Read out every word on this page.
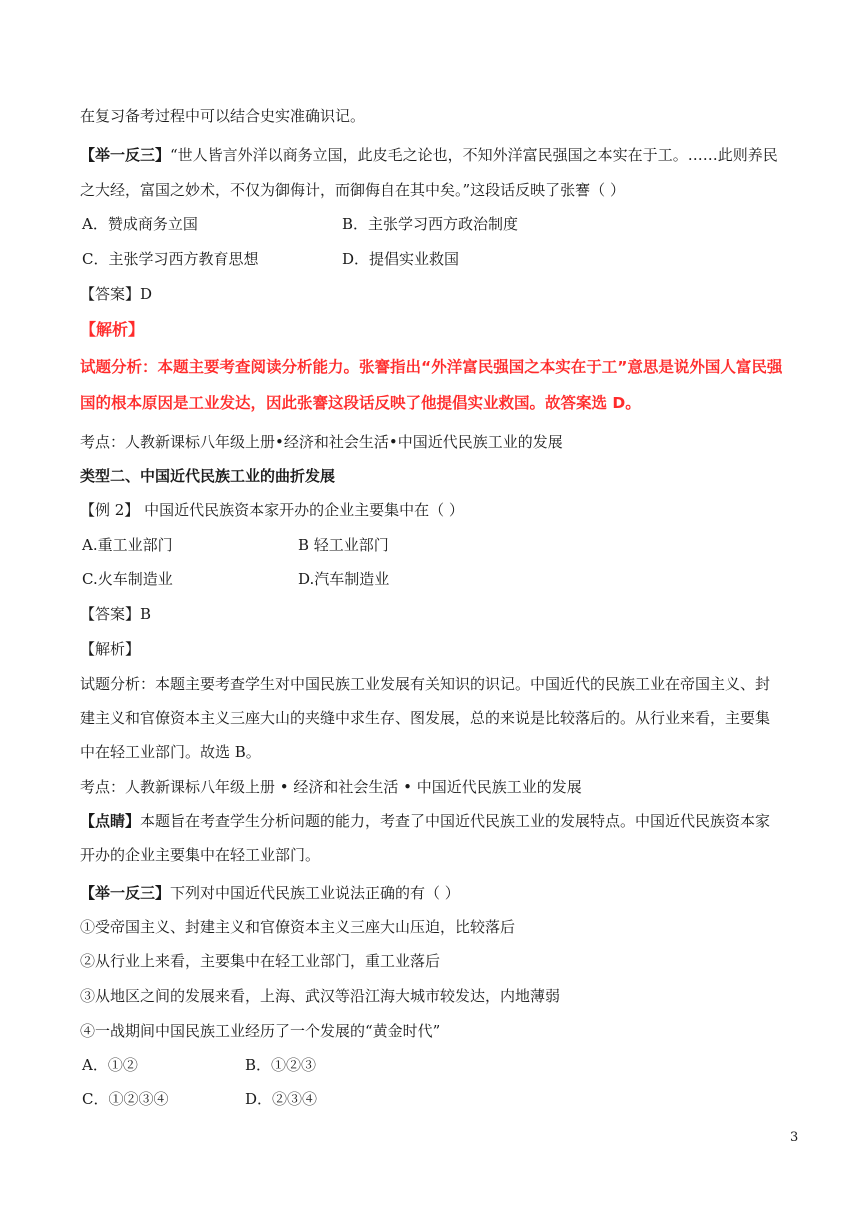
在复习备考过程中可以结合史实准确识记。
【举一反三】“世人皆言外洋以商务立国，此皮毛之论也，不知外洋富民强国之本实在于工。……此则养民
之大经，富国之妙术，不仅为御侮计，而御侮自在其中矣。”这段话反映了张謇（ ）
A．赞成商务立国	B．主张学习西方政治制度
C．主张学习西方教育思想	D．提倡实业救国
【答案】D
【解析】
试题分析：本题主要考查阅读分析能力。张謇指出“外洋富民强国之本实在于工”意思是说外国人富民强
国的根本原因是工业发达，因此张謇这段话反映了他提倡实业救国。故答案选 D。
考点：人教新课标八年级上册•经济和社会生活•中国近代民族工业的发展
类型二、中国近代民族工业的曲折发展
【例 2】 中国近代民族资本家开办的企业主要集中在（ ）
A.重工业部门	B 轻工业部门
C.火车制造业	D.汽车制造业
【答案】B
【解析】
试题分析：本题主要考查学生对中国民族工业发展有关知识的识记。中国近代的民族工业在帝国主义、封
建主义和官僚资本主义三座大山的夹缝中求生存、图发展，总的来说是比较落后的。从行业来看，主要集
中在轻工业部门。故选 B。
考点：人教新课标八年级上册 • 经济和社会生活 • 中国近代民族工业的发展
【点睛】本题旨在考查学生分析问题的能力，考查了中国近代民族工业的发展特点。中国近代民族资本家
开办的企业主要集中在轻工业部门。
【举一反三】下列对中国近代民族工业说法正确的有（ ）
①受帝国主义、封建主义和官僚资本主义三座大山压迫，比较落后
②从行业上来看，主要集中在轻工业部门，重工业落后
③从地区之间的发展来看，上海、武汉等沿江海大城市较发达，内地薄弱
④一战期间中国民族工业经历了一个发展的“黄金时代”
A．①②	B．①②③
C．①②③④	D．②③④
3
